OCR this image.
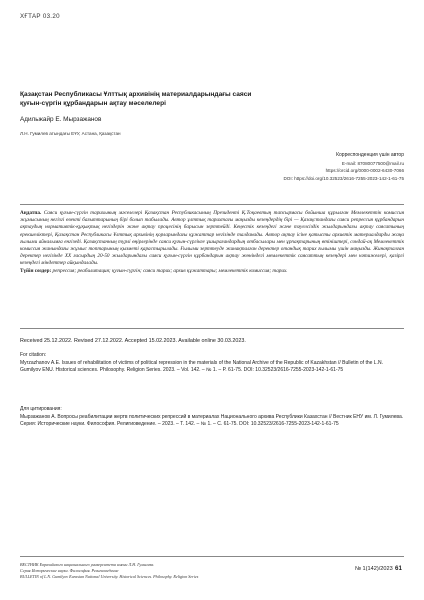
ХҒТАР 03.20
Қазақстан Республикасы Ұлттық архивінің материалдарындағы саяси
қуғын-сүргін құрбандарын ақтау мәселелері
Адильжайр Е. Мырзажанов
Л.Н. Гумилев атындағы ЕҰУ, Астана, Қазақстан
Корреспонденция үшін автор
E-mail: 87080077500@mail.ru
https://orcid.org/0000-0002-6430-7066
DOI: https://doi.org/10.32523/2616-7255-2023-142-1-61-75
Аңдатпа. Саяси қуғын-сүргін тарихының мәселелері Қазақстан Республикасының Президенті Қ.Тоқаевтың тапсырмасы бойынша құрылған Мемлекеттік комиссия жұмысының негізгі өзекті бағыттарының бірі болып табылады. Автор ұлттық тарихтағы маңызды кезеңдердің бірі — Қазақстандағы саяси репрессия құрбандарын ақтаудың нормативтік-құқықтық негіздерін және ақтау процесінің барысын зерттейді. Кеңестік кезеңдегі және тәуелсіздік жылдарындағы ақтау саясатының ерекшеліктері, Қазақстан Республикасы Ұлттық архивінің қорларындағы құжаттар негізінде талданады. Автор ақтау ісіне қатысты архивтік материалдарды жаңа ғылыми айналымға енгізеді. Қазақстанның түрлі өңірлерінде саяси қуғын-сүргінге ұшырағандардың отбасылары мен ұрпақтарының өтініштері, сондай-ақ Мемлекеттік комиссия жанындағы жұмыс топтарының қызметі қарастырылады. Ғылыми зерттеуде жинақталған деректер отандық тарих ғылымы үшін маңызды. Жинақталған деректер негізінде XX ғасырдың 20-50 жылдарындағы саяси қуғын-сүргін құрбандарын ақтау жөніндегі мемлекеттік саясаттың кезеңдері мен нәтижелері, қазіргі кезеңдегі міндеттер айқындалады.
Түйін сөздер: репрессия; реабилитация; қуғын-сүргін; саяси тарих; архив құжаттары; мемлекеттік комиссия; тарих.
Received 25.12.2022. Revised 27.12.2022. Accepted 15.02.2023. Available online 30.03.2023.
For citation:
Myrzazhanov A.E. Issues of rehabilitation of victims of political repression in the materials of the National Archive of the Republic of Kazakhstan // Bulletin of the L.N. Gumilyov ENU. Historical sciences. Philosophy. Religion Series. 2023. – Vol. 142. – № 1. – P. 61-75. DOI: 10.32523/2616-7255-2023-142-1-61-75
Для цитирования:
Мырзажанов А. Вопросы реабилитации жертв политических репрессий в материалах Национального архива Республики Казахстан // Вестник ЕНУ им. Л. Гумилева. Серия: Исторические науки. Философия. Религиоведение. – 2023. – Т. 142. – № 1. – С. 61-75. DOI: 10.32523/2616-7255-2023-142-1-61-75
ВЕСТНИК Евразийского национального университета имени Л.Н. Гумилева.
Серия Исторические науки. Философия. Религиоведение
BULLETIN of L.N. Gumilyov Eurasian National University. Historical Sciences. Philosophy. Religion Series
№ 1(142)/2023 61
